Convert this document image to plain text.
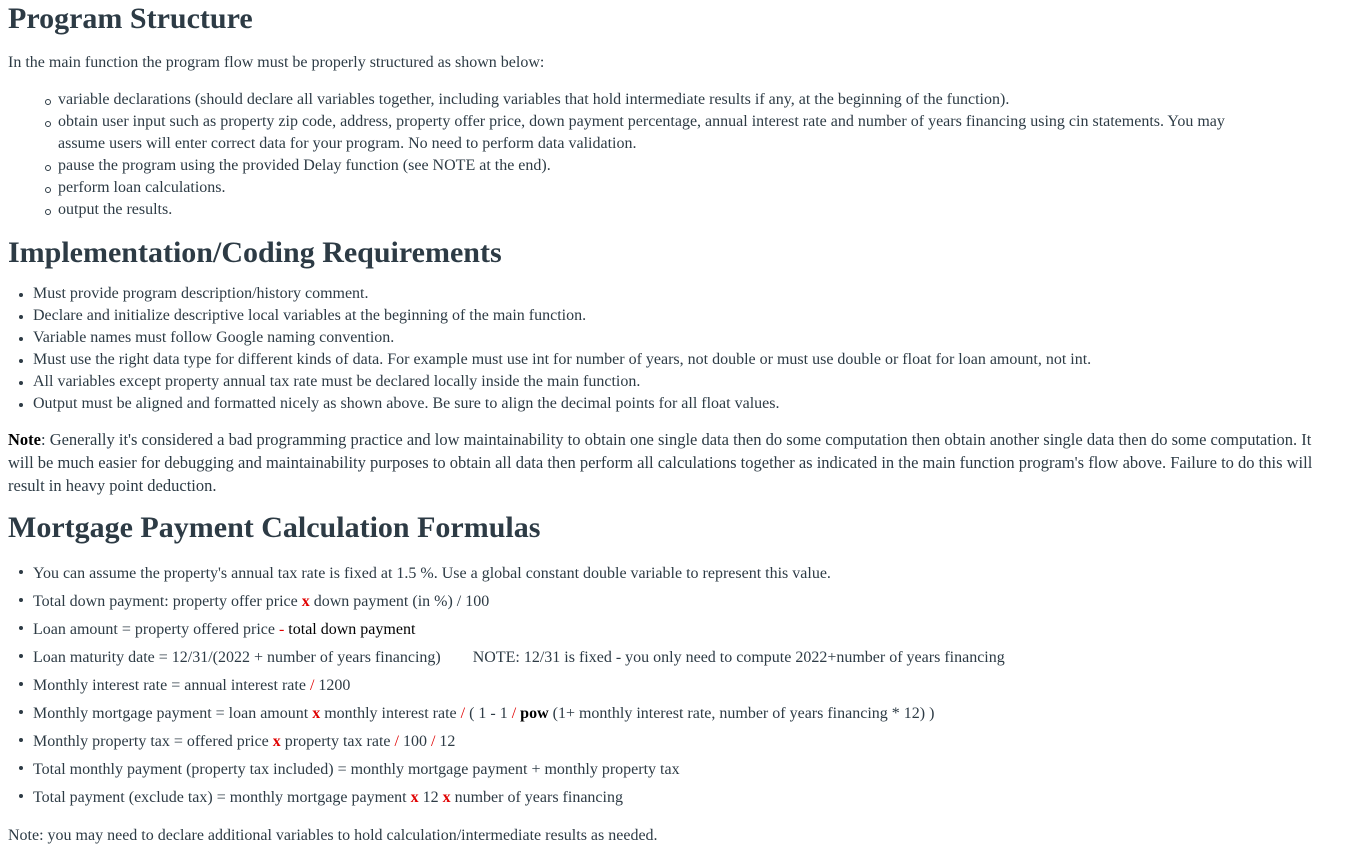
Program Structure

In the main function the program flow must be properly structured as shown below:

variable declarations (should declare all variables together, including variables that hold intermediate results if any, at the beginning of the function).
obtain user input such as property zip code, address, property offer price, down payment percentage, annual interest rate and number of years financing using cin statements. You may assume users will enter correct data for your program. No need to perform data validation.
pause the program using the provided Delay function (see NOTE at the end).
perform loan calculations.
output the results.
Implementation/Coding Requirements
Must provide program description/history comment.
Declare and initialize descriptive local variables at the beginning of the main function.
Variable names must follow Google naming convention.
Must use the right data type for different kinds of data. For example must use int for number of years, not double or must use double or float for loan amount, not int.
All variables except property annual tax rate must be declared locally inside the main function.
Output must be aligned and formatted nicely as shown above. Be sure to align the decimal points for all float values.

Note: Generally it's considered a bad programming practice and low maintainability to obtain one single data then do some computation then obtain another single data then do some computation. It will be much easier for debugging and maintainability purposes to obtain all data then perform all calculations together as indicated in the main function program's flow above. Failure to do this will result in heavy point deduction.

Mortgage Payment Calculation Formulas
You can assume the property's annual tax rate is fixed at 1.5 %. Use a global constant double variable to represent this value.
Total down payment: property offer price x down payment (in %) / 100
Loan amount = property offered price - total down payment
Loan maturity date = 12/31/(2022 + number of years financing) NOTE: 12/31 is fixed - you only need to compute 2022+number of years financing
Monthly interest rate = annual interest rate / 1200
Monthly mortgage payment = loan amount x monthly interest rate / ( 1 - 1 / pow (1+ monthly interest rate, number of years financing * 12) )
Monthly property tax = offered price x property tax rate / 100 / 12
Total monthly payment (property tax included) = monthly mortgage payment + monthly property tax
Total payment (exclude tax) = monthly mortgage payment x 12 x number of years financing

Note: you may need to declare additional variables to hold calculation/intermediate results as needed.
